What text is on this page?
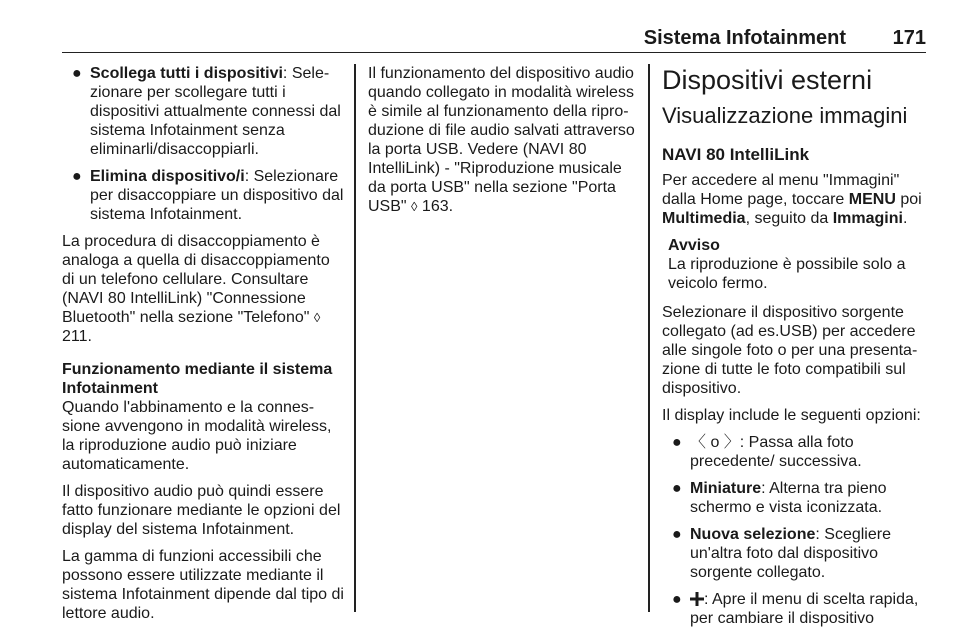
Sistema Infotainment 171
● Scollega tutti i dispositivi: Selezionare per scollegare tutti i dispositivi attualmente connessi dal sistema Infotainment senza eliminarli/disaccoppiarli.
● Elimina dispositivo/i: Selezionare per disaccoppiare un dispositivo dal sistema Infotainment.

La procedura di disaccoppiamento è analoga a quella di disaccoppiamento di un telefono cellulare. Consultare (NAVI 80 IntelliLink) "Connessione Bluetooth" nella sezione "Telefono" ◊ 211.

Funzionamento mediante il sistema Infotainment

Quando l'abbinamento e la connessione avvengono in modalità wireless, la riproduzione audio può iniziare automaticamente.

Il dispositivo audio può quindi essere fatto funzionare mediante le opzioni del display del sistema Infotainment.

La gamma di funzioni accessibili che possono essere utilizzate mediante il sistema Infotainment dipende dal tipo di lettore audio.

Il funzionamento del dispositivo audio quando collegato in modalità wireless è simile al funzionamento della riproduzione di file audio salvati attraverso la porta USB. Vedere (NAVI 80 IntelliLink) - "Riproduzione musicale da porta USB" nella sezione "Porta USB" ◊ 163.

Dispositivi esterni
Visualizzazione immagini
NAVI 80 IntelliLink

Per accedere al menu "Immagini" dalla Home page, toccare MENU poi Multimedia, seguito da Immagini.

Avviso
La riproduzione è possibile solo a veicolo fermo.

Selezionare il dispositivo sorgente collegato (ad es.USB) per accedere alle singole foto o per una presentazione di tutte le foto compatibili sul dispositivo.

Il display include le seguenti opzioni:

● 〈 o 〉: Passa alla foto precedente/ successiva.
● Miniature: Alterna tra pieno schermo e vista iconizzata.
● Nuova selezione: Scegliere un'altra foto dal dispositivo sorgente collegato.
● : Apre il menu di scelta rapida, per cambiare il dispositivo
